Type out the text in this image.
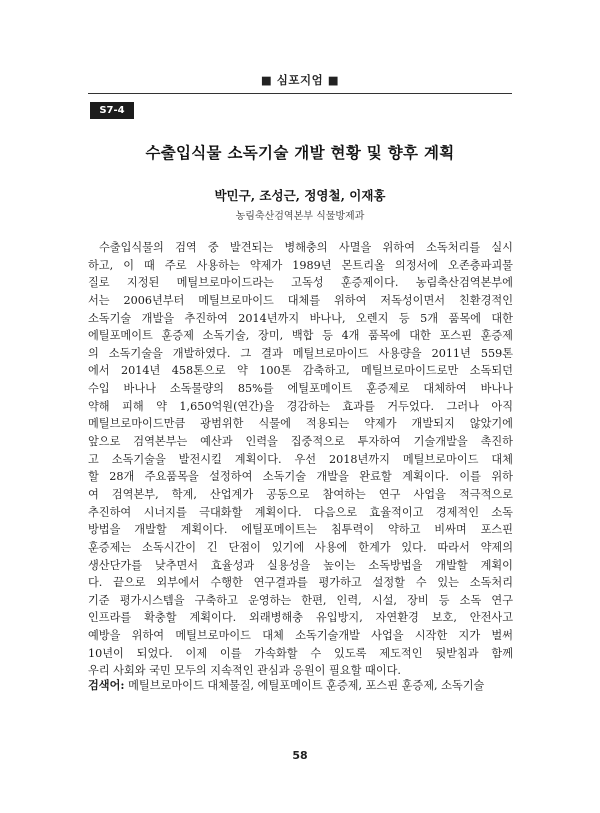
■ 심포지엄 ■
S7-4
수출입식물 소독기술 개발 현황 및 향후 계획
박민구, 조성근, 정영철, 이재홍
농림축산검역본부 식물방제과
수출입식물의 검역 중 발견되는 병해충의 사멸을 위하여 소독처리를 실시
하고, 이 때 주로 사용하는 약제가 1989년 몬트리올 의정서에 오존층파괴물
질로 지정된 메틸브로마이드라는 고독성 훈증제이다. 농림축산검역본부에
서는 2006년부터 메틸브로마이드 대체를 위하여 저독성이면서 친환경적인
소독기술 개발을 추진하여 2014년까지 바나나, 오렌지 등 5개 품목에 대한
에틸포메이트 훈증제 소독기술, 장미, 백합 등 4개 품목에 대한 포스핀 훈증제
의 소독기술을 개발하였다. 그 결과 메틸브로마이드 사용량을 2011년 559톤
에서 2014년 458톤으로 약 100톤 감축하고, 메틸브로마이드로만 소독되던
수입 바나나 소독물량의 85%를 에틸포메이트 훈증제로 대체하여 바나나
약해 피해 약 1,650억원(연간)을 경감하는 효과를 거두었다. 그러나 아직
메틸브로마이드만큼 광범위한 식물에 적용되는 약제가 개발되지 않았기에
앞으로 검역본부는 예산과 인력을 집중적으로 투자하여 기술개발을 촉진하
고 소독기술을 발전시킬 계획이다. 우선 2018년까지 메틸브로마이드 대체
할 28개 주요품목을 설정하여 소독기술 개발을 완료할 계획이다. 이를 위하
여 검역본부, 학계, 산업계가 공동으로 참여하는 연구 사업을 적극적으로
추진하여 시너지를 극대화할 계획이다. 다음으로 효율적이고 경제적인 소독
방법을 개발할 계획이다. 에틸포메이트는 침투력이 약하고 비싸며 포스핀
훈증제는 소독시간이 긴 단점이 있기에 사용에 한계가 있다. 따라서 약제의
생산단가를 낮추면서 효율성과 실용성을 높이는 소독방법을 개발할 계획이
다. 끝으로 외부에서 수행한 연구결과를 평가하고 설정할 수 있는 소독처리
기준 평가시스템을 구축하고 운영하는 한편, 인력, 시설, 장비 등 소독 연구
인프라를 확충할 계획이다. 외래병해충 유입방지, 자연환경 보호, 안전사고
예방을 위하여 메틸브로마이드 대체 소독기술개발 사업을 시작한 지가 벌써
10년이 되었다. 이제 이를 가속화할 수 있도록 제도적인 뒷받침과 함께
우리 사회와 국민 모두의 지속적인 관심과 응원이 필요할 때이다.
검색어: 메틸브로마이드 대체물질, 에틸포메이트 훈증제, 포스핀 훈증제, 소독기술
58
